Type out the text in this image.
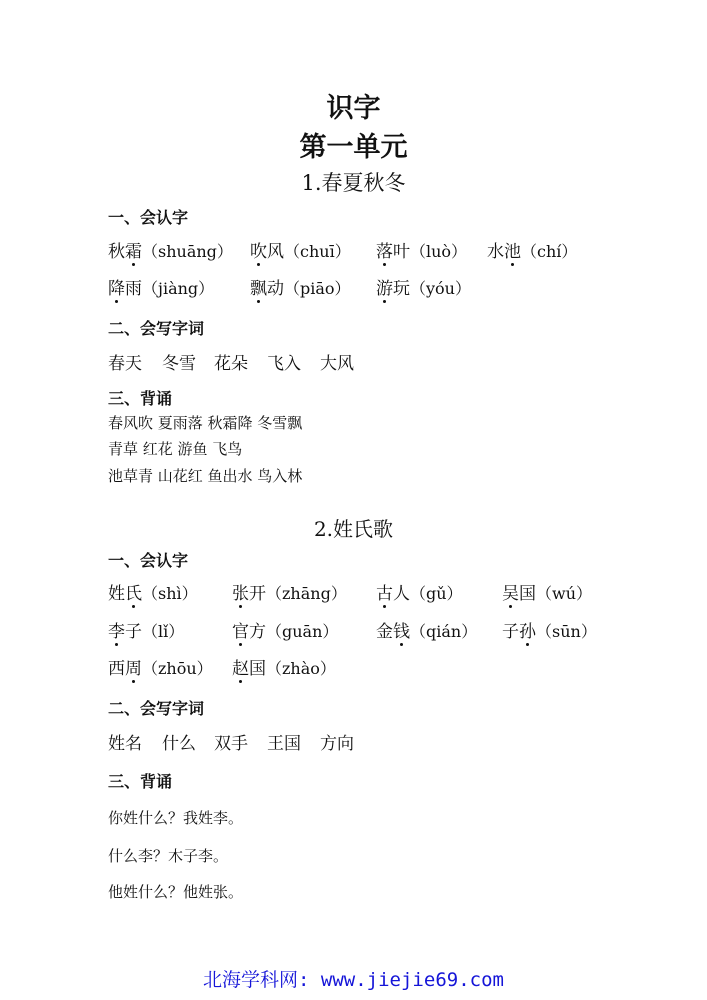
识字
第一单元
1.春夏秋冬
一、会认字
秋霜（shuāng） 吹风（chuī） 落叶（luò） 水池（chí）
降雨（jiàng） 飘动（piāo） 游玩（yóu）
二、会写字词
春天 冬雪 花朵 飞入 大风
三、背诵
春风吹 夏雨落 秋霜降 冬雪飘
青草 红花 游鱼 飞鸟
池草青 山花红 鱼出水 鸟入林
2.姓氏歌
一、会认字
姓氏（shì） 张开（zhāng） 古人（gǔ） 吴国（wú）
李子（lǐ）	官方（guān） 金钱（qián） 子孙（sūn）
西周（zhōu） 赵国（zhào）
二、会写字词
姓名 什么 双手 王国 方向
三、背诵
你姓什么？我姓李。
什么李？木子李。
他姓什么？他姓张。
北海学科网: www.jiejie69.com
